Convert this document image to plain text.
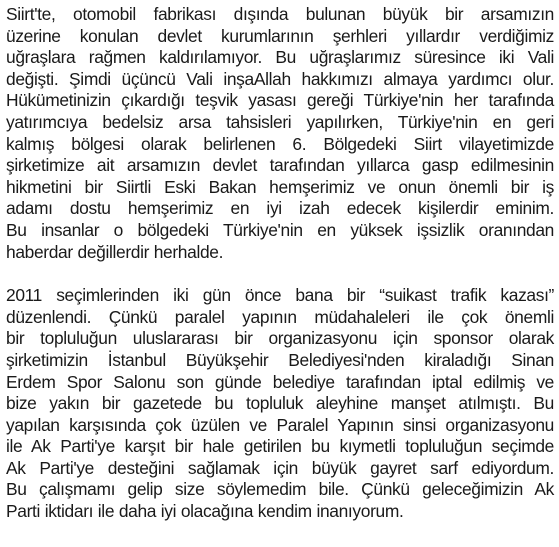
Siirt'te, otomobil fabrikası dışında bulunan büyük bir arsamızın
üzerine konulan devlet kurumlarının şerhleri yıllardır verdiğimiz
uğraşlara rağmen kaldırılamıyor. Bu uğraşlarımız süresince iki Vali
değişti. Şimdi üçüncü Vali inşaAllah hakkımızı almaya yardımcı olur.
Hükümetinizin çıkardığı teşvik yasası gereği Türkiye'nin her tarafında
yatırımcıya bedelsiz arsa tahsisleri yapılırken, Türkiye'nin en geri
kalmış bölgesi olarak belirlenen 6. Bölgedeki Siirt vilayetimizde
şirketimize ait arsamızın devlet tarafından yıllarca gasp edilmesinin
hikmetini bir Siirtli Eski Bakan hemşerimiz ve onun önemli bir iş
adamı dostu hemşerimiz en iyi izah edecek kişilerdir eminim.
Bu insanlar o bölgedeki Türkiye'nin en yüksek işsizlik oranından
haberdar değillerdir herhalde.
2011 seçimlerinden iki gün önce bana bir “suikast trafik kazası”
düzenlendi. Çünkü paralel yapının müdahaleleri ile çok önemli
bir topluluğun uluslararası bir organizasyonu için sponsor olarak
şirketimizin İstanbul Büyükşehir Belediyesi'nden kiraladığı Sinan
Erdem Spor Salonu son günde belediye tarafından iptal edilmiş ve
bize yakın bir gazetede bu topluluk aleyhine manşet atılmıştı. Bu
yapılan karşısında çok üzülen ve Paralel Yapının sinsi organizasyonu
ile Ak Parti'ye karşıt bir hale getirilen bu kıymetli topluluğun seçimde
Ak Parti'ye desteğini sağlamak için büyük gayret sarf ediyordum.
Bu çalışmamı gelip size söylemedim bile. Çünkü geleceğimizin Ak
Parti iktidarı ile daha iyi olacağına kendim inanıyorum.
